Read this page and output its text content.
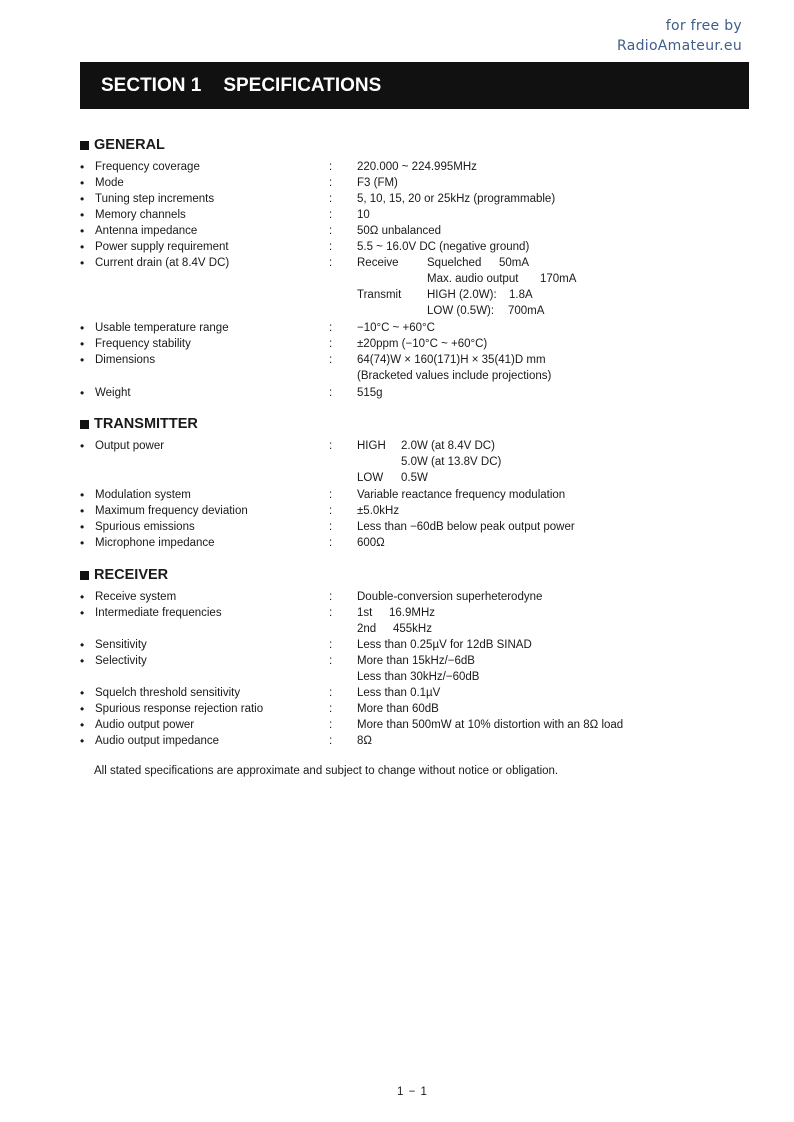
for free by
RadioAmateur.eu
SECTION 1 SPECIFICATIONS
GENERAL
• Frequency coverage	: 220.000 ~ 224.995MHz
• Mode	: F3 (FM)
• Tuning step increments	: 5, 10, 15, 20 or 25kHz (programmable)
• Memory channels	: 10
• Antenna impedance	: 50Ω unbalanced
• Power supply requirement	: 5.5 ~ 16.0V DC (negative ground)
• Current drain (at 8.4V DC)	: Receive Squelched 50mA
Max. audio output 170mA
Transmit HIGH (2.0W): 1.8A
LOW (0.5W): 700mA
• Usable temperature range	: −10°C ~ +60°C
• Frequency stability	: ±20ppm (−10°C ~ +60°C)
• Dimensions	: 64(74)W × 160(171)H × 35(41)D mm
(Bracketed values include projections)
• Weight	: 515g
TRANSMITTER
• Output power	: HIGH 2.0W (at 8.4V DC)
5.0W (at 13.8V DC)
LOW 0.5W
• Modulation system	: Variable reactance frequency modulation
• Maximum frequency deviation	: ±5.0kHz
• Spurious emissions	: Less than −60dB below peak output power
• Microphone impedance	: 600Ω
RECEIVER
• Receive system	: Double-conversion superheterodyne
• Intermediate frequencies	: 1st 16.9MHz
2nd 455kHz
• Sensitivity	: Less than 0.25µV for 12dB SINAD
• Selectivity	: More than 15kHz/−6dB
Less than 30kHz/−60dB
• Squelch threshold sensitivity	: Less than 0.1µV
• Spurious response rejection ratio	: More than 60dB
• Audio output power	: More than 500mW at 10% distortion with an 8Ω load
• Audio output impedance	: 8Ω
All stated specifications are approximate and subject to change without notice or obligation.
1 − 1
